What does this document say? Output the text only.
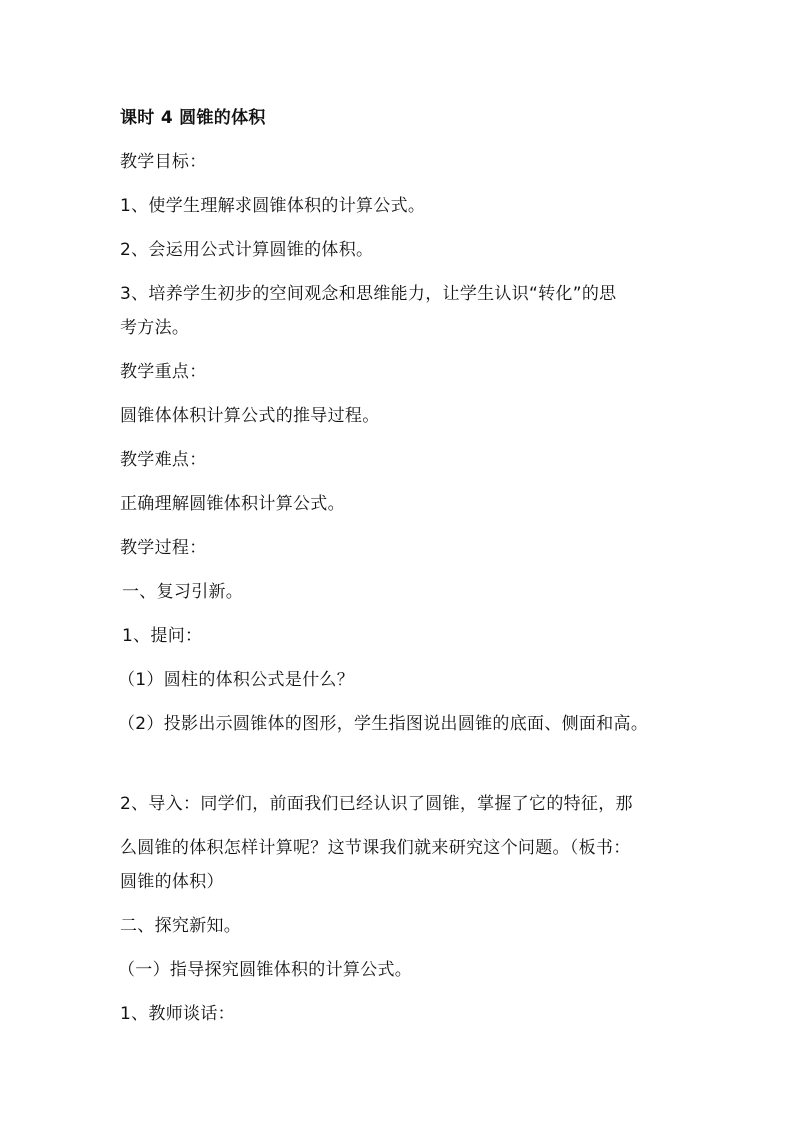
课时 4 圆锥的体积
教学目标：
1、使学生理解求圆锥体积的计算公式。
2、会运用公式计算圆锥的体积。
3、培养学生初步的空间观念和思维能力，让学生认识“转化”的思
考方法。
教学重点：
圆锥体体积计算公式的推导过程。
教学难点：
正确理解圆锥体积计算公式。
教学过程：
一、复习引新。
1、提问：
（1）圆柱的体积公式是什么？
（2）投影出示圆锥体的图形，学生指图说出圆锥的底面、侧面和高。
2、导入：同学们，前面我们已经认识了圆锥，掌握了它的特征，那
么圆锥的体积怎样计算呢？这节课我们就来研究这个问题。（板书：
圆锥的体积）
二、探究新知。
（一）指导探究圆锥体积的计算公式。
1、教师谈话：
